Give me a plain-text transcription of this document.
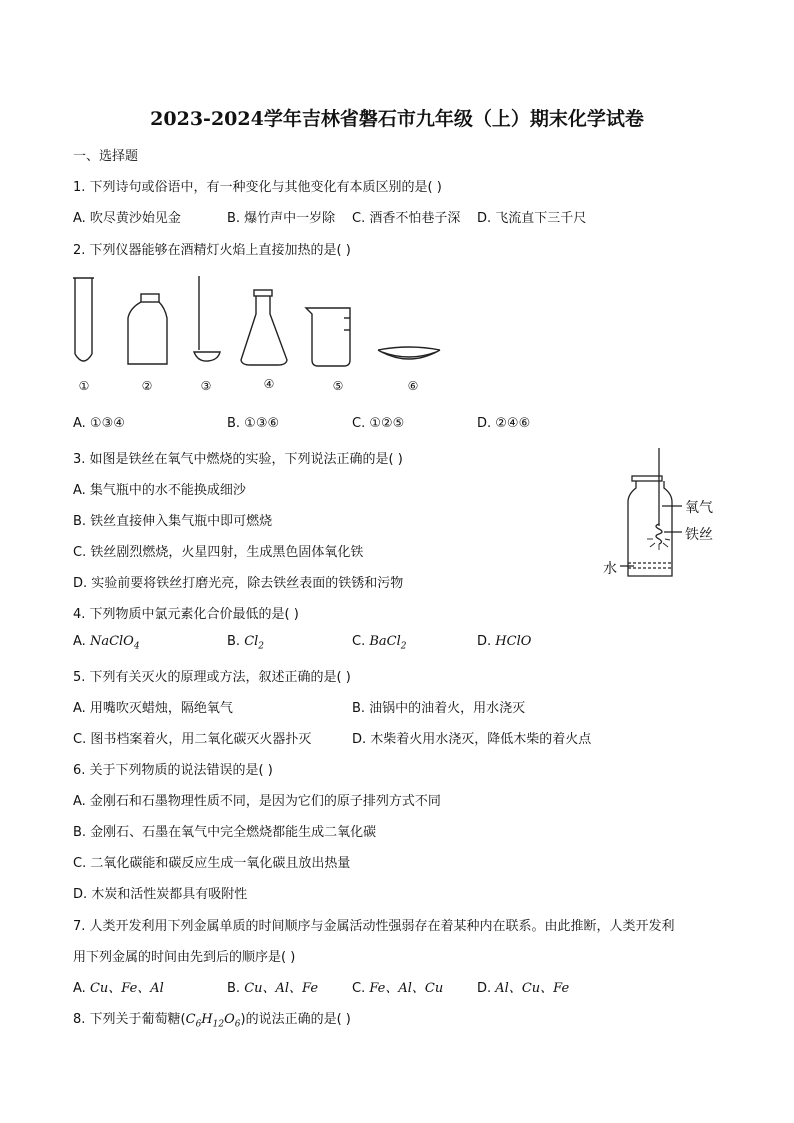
2023-2024学年吉林省磐石市九年级（上）期末化学试卷
一、选择题
1. 下列诗句或俗语中，有一种变化与其他变化有本质区别的是( )
A. 吹尽黄沙始见金	B. 爆竹声中一岁除 C. 酒香不怕巷子深 D. 飞流直下三千尺
2. 下列仪器能够在酒精灯火焰上直接加热的是( )
①	②	③	④	⑤	⑥
A. ①③④	B. ①③⑥	C. ①②⑤	D. ②④⑥
3. 如图是铁丝在氧气中燃烧的实验，下列说法正确的是( )
A. 集气瓶中的水不能换成细沙
B. 铁丝直接伸入集气瓶中即可燃烧
C. 铁丝剧烈燃烧，火星四射，生成黑色固体氧化铁
D. 实验前要将铁丝打磨光亮，除去铁丝表面的铁锈和污物
氧气
铁丝
水
4. 下列物质中氯元素化合价最低的是( )
A. NaClO$_4$	B. $Cl_2$	C. BaCl$_2$	D. HClO
5. 下列有关灭火的原理或方法，叙述正确的是( )
A. 用嘴吹灭蜡烛，隔绝氧气	B. 油锅中的油着火，用水浇灭
C. 图书档案着火，用二氧化碳灭火器扑灭	D. 木柴着火用水浇灭，降低木柴的着火点
6. 关于下列物质的说法错误的是( )
A. 金刚石和石墨物理性质不同，是因为它们的原子排列方式不同
B. 金刚石、石墨在氧气中完全燃烧都能生成二氧化碳
C. 二氧化碳能和碳反应生成一氧化碳且放出热量
D. 木炭和活性炭都具有吸附性
7. 人类开发利用下列金属单质的时间顺序与金属活动性强弱存在着某种内在联系。由此推断，人类开发利
用下列金属的时间由先到后的顺序是( )
A. Cu、Fe、Al	B. Cu、Al、Fe	C. Fe、Al、Cu	D. Al、Cu、Fe
8. 下列关于葡萄糖$(C_6H_{12}O_6)$的说法正确的是( )
